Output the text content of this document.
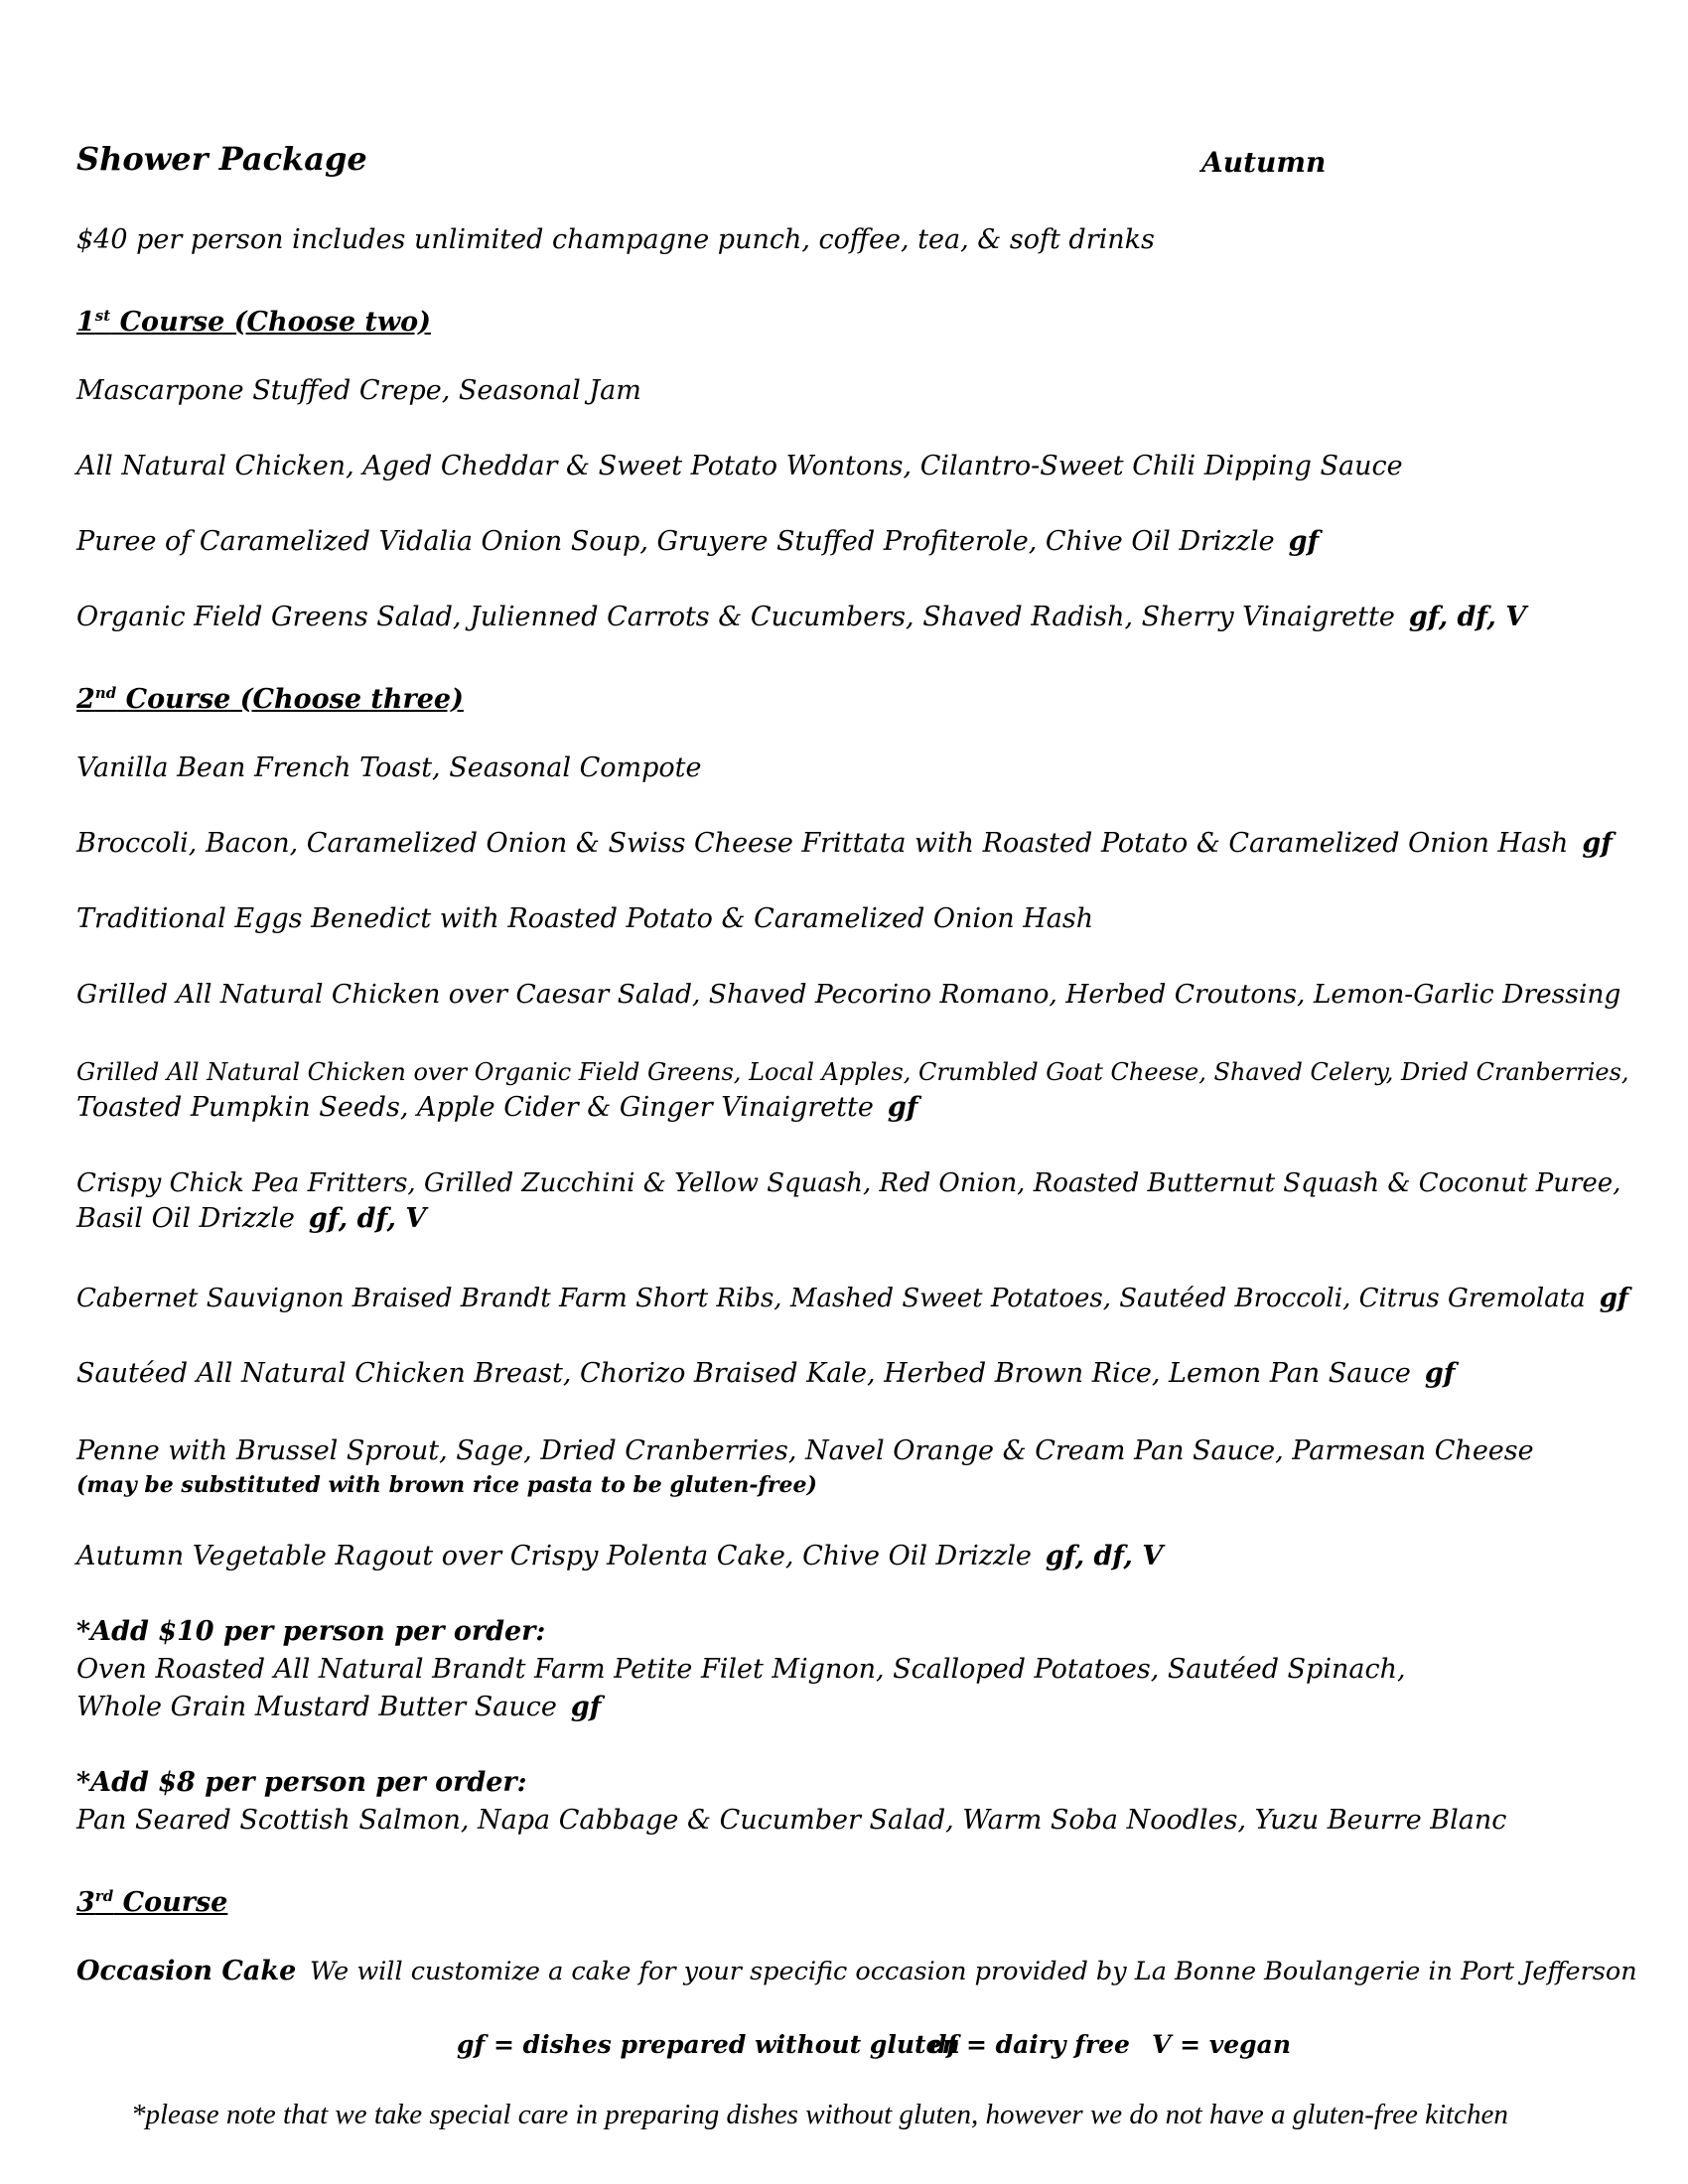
Shower Package	Autumn
$40 per person includes unlimited champagne punch, coffee, tea, & soft drinks
1st Course (Choose two)
Mascarpone Stuffed Crepe, Seasonal Jam
All Natural Chicken, Aged Cheddar & Sweet Potato Wontons, Cilantro-Sweet Chili Dipping Sauce
Puree of Caramelized Vidalia Onion Soup, Gruyere Stuffed Profiterole, Chive Oil Drizzle gf
Organic Field Greens Salad, Julienned Carrots & Cucumbers, Shaved Radish, Sherry Vinaigrette gf, df, V
2nd Course (Choose three)
Vanilla Bean French Toast, Seasonal Compote
Broccoli, Bacon, Caramelized Onion & Swiss Cheese Frittata with Roasted Potato & Caramelized Onion Hash gf
Traditional Eggs Benedict with Roasted Potato & Caramelized Onion Hash
Grilled All Natural Chicken over Caesar Salad, Shaved Pecorino Romano, Herbed Croutons, Lemon-Garlic Dressing
Grilled All Natural Chicken over Organic Field Greens, Local Apples, Crumbled Goat Cheese, Shaved Celery, Dried Cranberries,
Toasted Pumpkin Seeds, Apple Cider & Ginger Vinaigrette gf
Crispy Chick Pea Fritters, Grilled Zucchini & Yellow Squash, Red Onion, Roasted Butternut Squash & Coconut Puree,
Basil Oil Drizzle gf, df, V
Cabernet Sauvignon Braised Brandt Farm Short Ribs, Mashed Sweet Potatoes, Sautéed Broccoli, Citrus Gremolata gf
Sautéed All Natural Chicken Breast, Chorizo Braised Kale, Herbed Brown Rice, Lemon Pan Sauce gf
Penne with Brussel Sprout, Sage, Dried Cranberries, Navel Orange & Cream Pan Sauce, Parmesan Cheese
(may be substituted with brown rice pasta to be gluten-free)
Autumn Vegetable Ragout over Crispy Polenta Cake, Chive Oil Drizzle gf, df, V
*Add $10 per person per order:
Oven Roasted All Natural Brandt Farm Petite Filet Mignon, Scalloped Potatoes, Sautéed Spinach,
Whole Grain Mustard Butter Sauce gf
*Add $8 per person per order:
Pan Seared Scottish Salmon, Napa Cabbage & Cucumber Salad, Warm Soba Noodles, Yuzu Beurre Blanc
3rd Course
Occasion Cake We will customize a cake for your specific occasion provided by La Bonne Boulangerie in Port Jefferson
gf = dishes prepared without gluten
df = dairy free V = vegan
*please note that we take special care in preparing dishes without gluten, however we do not have a gluten-free kitchen
